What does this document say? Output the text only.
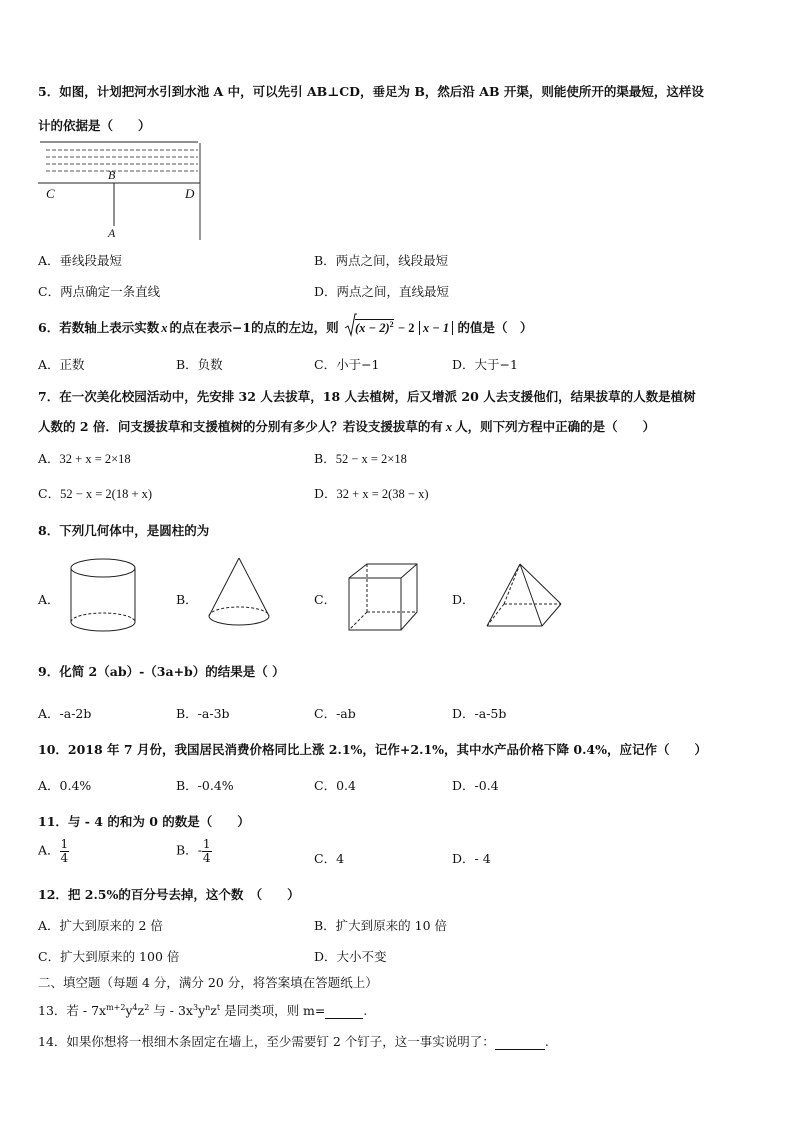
5．如图，计划把河水引到水池 A 中，可以先引 AB⊥CD，垂足为 B，然后沿 AB 开渠，则能使所开的渠最短，这样设
计的依据是（　　）
B
C	D
A
A．垂线段最短	B．两点之间，线段最短
C．两点确定一条直线	D．两点之间，直线最短
6．若数轴上表示实数 x 的点在表示−1的点的左边，则 $(x - 2)^2 - 2$ x − 1 的值是（　）
A．正数	B．负数	C．小于−1	D．大于−1
7．在一次美化校园活动中，先安排 32 人去拔草，18 人去植树，后又增派 20 人去支援他们，结果拔草的人数是植树
人数的 2 倍．问支援拔草和支援植树的分别有多少人？若设支援拔草的有 x 人，则下列方程中正确的是（　　）
A．32 + x = 2×18	B．52 − x = 2×18
C．52 − x = 2(18 + x)	D．32 + x = 2(38 − x)
8．下列几何体中，是圆柱的为
A．	B．	C．	D．
9．化简 2（ab）-（3a+b）的结果是（ ）
A．-a-2b	B．-a-3b	C．-ab	D．-a-5b
10．2018 年 7 月份，我国居民消费价格同比上涨 2.1%，记作+2.1%，其中水产品价格下降 0.4%，应记作（　　）
A．0.4%	B．-0.4%	C．0.4	D．-0.4
11．与 - 4 的和为 0 的数是（　　）
A． $\frac{1}{4}$	B．- $\frac{1}{4}$	C．4	D．- 4
12．把 2.5%的百分号去掉，这个数　（　　）
A．扩大到原来的 2 倍	B．扩大到原来的 10 倍
C．扩大到原来的 100 倍	D．大小不变
二、填空题（每题 4 分，满分 20 分，将答案填在答题纸上）
13．若 - $7x^{m+2}y^4z^2$ 与 - $3x^3y^nz^t$ 是同类项，则 m=	.
14．如果你想将一根细木条固定在墙上，至少需要钉 2 个钉子，这一事实说明了：	.
